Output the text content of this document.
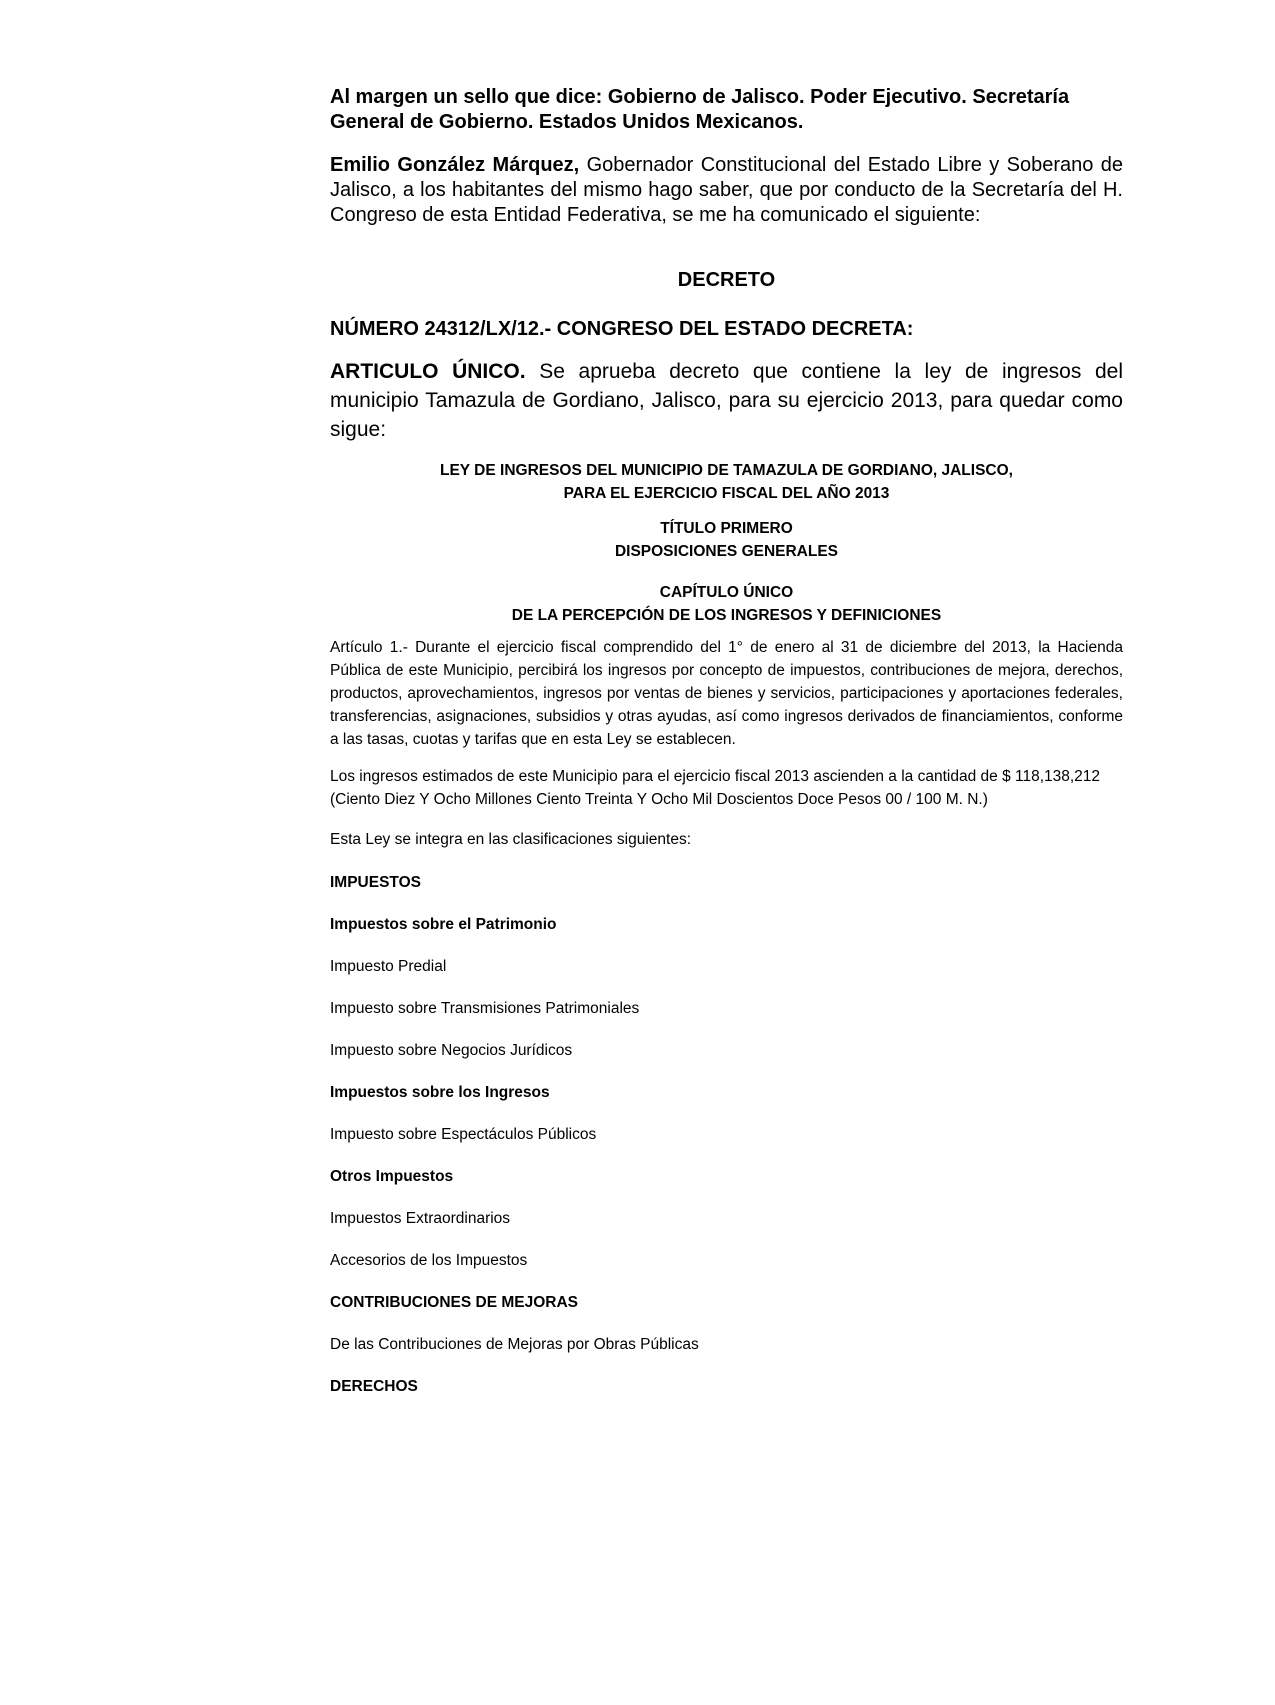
Al margen un sello que dice: Gobierno de Jalisco. Poder Ejecutivo. Secretaría General de Gobierno. Estados Unidos Mexicanos.

Emilio González Márquez, Gobernador Constitucional del Estado Libre y Soberano de Jalisco, a los habitantes del mismo hago saber, que por conducto de la Secretaría del H. Congreso de esta Entidad Federativa, se me ha comunicado el siguiente:

DECRETO

NÚMERO 24312/LX/12.- CONGRESO DEL ESTADO DECRETA:

ARTICULO ÚNICO. Se aprueba decreto que contiene la ley de ingresos del municipio Tamazula de Gordiano, Jalisco, para su ejercicio 2013, para quedar como sigue:

LEY DE INGRESOS DEL MUNICIPIO DE TAMAZULA DE GORDIANO, JALISCO,
PARA EL EJERCICIO FISCAL DEL AÑO 2013

TÍTULO PRIMERO
DISPOSICIONES GENERALES

CAPÍTULO ÚNICO
DE LA PERCEPCIÓN DE LOS INGRESOS Y DEFINICIONES

Artículo 1.- Durante el ejercicio fiscal comprendido del 1° de enero al 31 de diciembre del 2013, la Hacienda Pública de este Municipio, percibirá los ingresos por concepto de impuestos, contribuciones de mejora, derechos, productos, aprovechamientos, ingresos por ventas de bienes y servicios, participaciones y aportaciones federales, transferencias, asignaciones, subsidios y otras ayudas, así como ingresos derivados de financiamientos, conforme a las tasas, cuotas y tarifas que en esta Ley se establecen.

Los ingresos estimados de este Municipio para el ejercicio fiscal 2013 ascienden a la cantidad de $ 118,138,212 (Ciento Diez Y Ocho Millones Ciento Treinta Y Ocho Mil Doscientos Doce Pesos 00 / 100 M. N.)

Esta Ley se integra en las clasificaciones siguientes:

IMPUESTOS

Impuestos sobre el Patrimonio

Impuesto Predial

Impuesto sobre Transmisiones Patrimoniales

Impuesto sobre Negocios Jurídicos

Impuestos sobre los Ingresos

Impuesto sobre Espectáculos Públicos

Otros Impuestos

Impuestos Extraordinarios

Accesorios de los Impuestos

CONTRIBUCIONES DE MEJORAS

De las Contribuciones de Mejoras por Obras Públicas

DERECHOS
